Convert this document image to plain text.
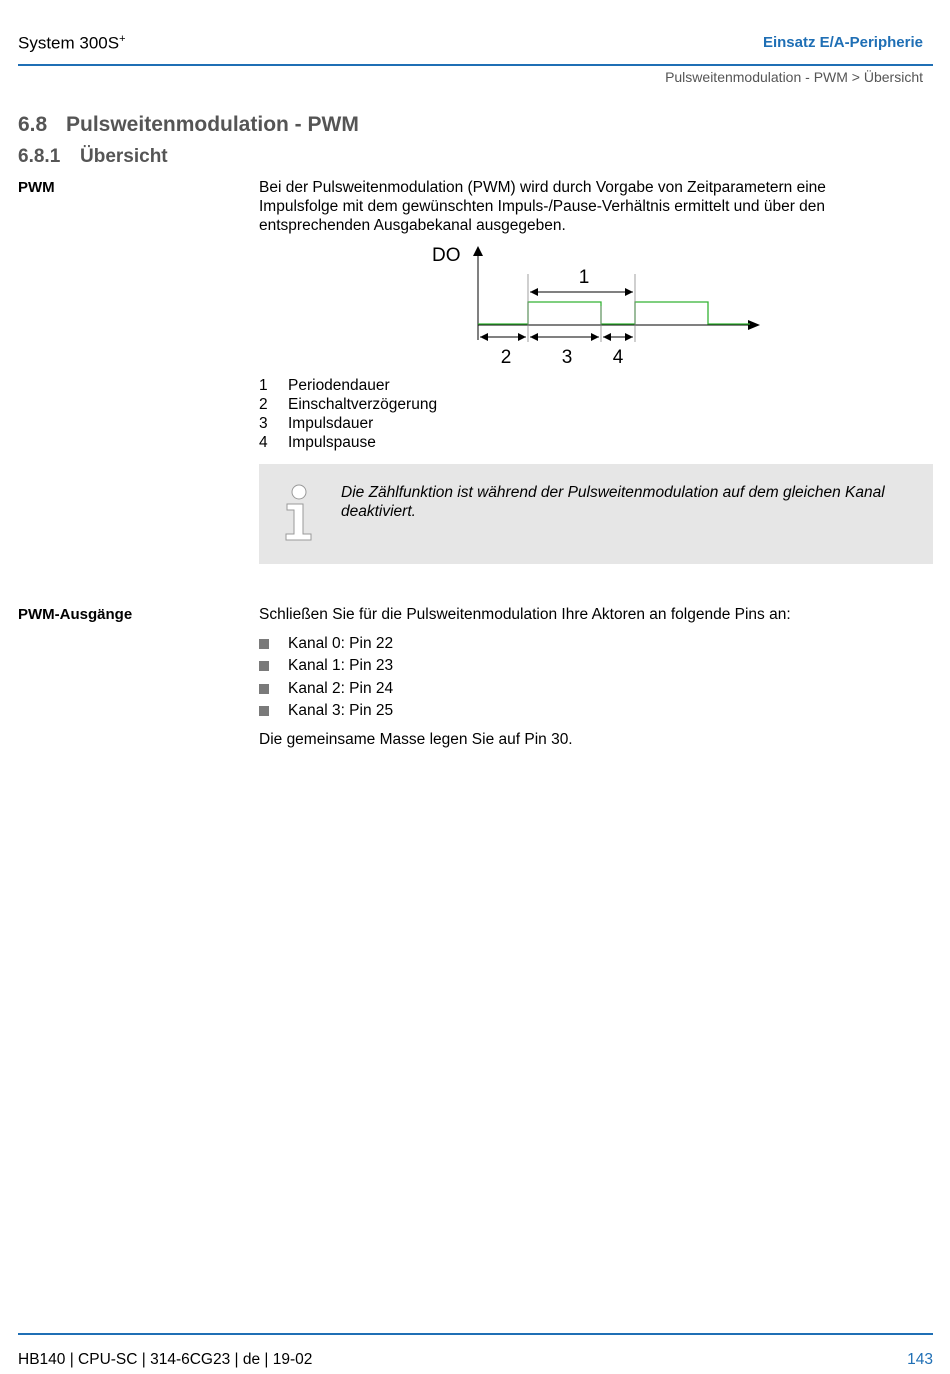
System 300S+	Einsatz E/A-Peripherie
Pulsweitenmodulation - PWM > Übersicht
6.8 Pulsweitenmodulation - PWM
6.8.1 Übersicht
PWM	Bei der Pulsweitenmodulation (PWM) wird durch Vorgabe von Zeitparametern eine Impulsfolge mit dem gewünschten Impuls-/Pause-Verhältnis ermittelt und über den entsprechenden Ausgabekanal ausgegeben.
DO
1
2	3 4
1	Periodendauer
2	Einschaltverzögerung
3	Impulsdauer
4	Impulspause
Die Zählfunktion ist während der Pulsweitenmodulation auf dem gleichen Kanal deaktiviert.
PWM-Ausgänge	Schließen Sie für die Pulsweitenmodulation Ihre Aktoren an folgende Pins an:
Kanal 0: Pin 22
Kanal 1: Pin 23
Kanal 2: Pin 24
Kanal 3: Pin 25
Die gemeinsame Masse legen Sie auf Pin 30.
HB140 | CPU-SC | 314-6CG23 | de | 19-02	143
